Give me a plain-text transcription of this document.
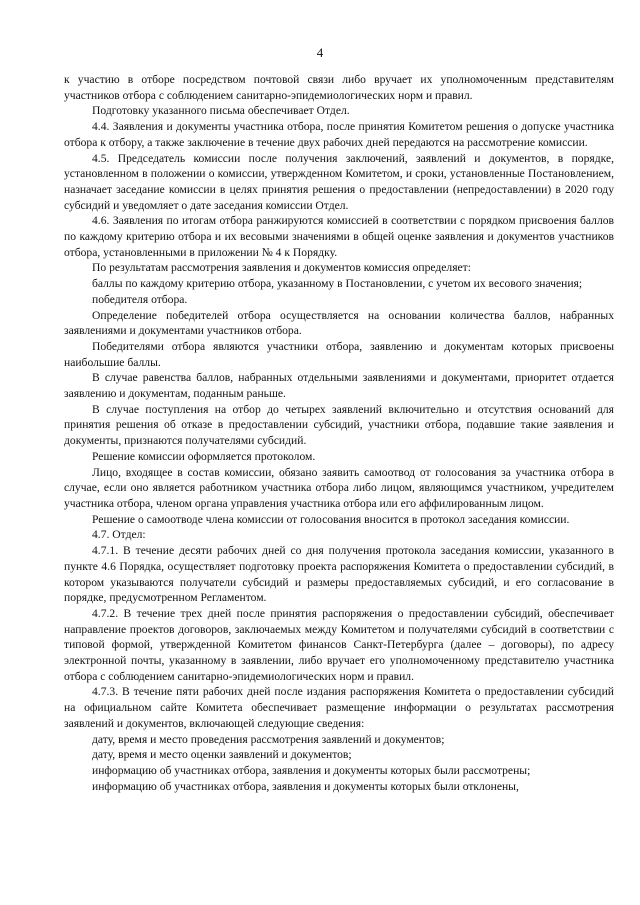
4

к участию в отборе посредством почтовой связи либо вручает их уполномоченным представителям участников отбора с соблюдением санитарно-эпидемиологических норм и правил.

Подготовку указанного письма обеспечивает Отдел.

4.4. Заявления и документы участника отбора, после принятия Комитетом решения о допуске участника отбора к отбору, а также заключение в течение двух рабочих дней передаются на рассмотрение комиссии.

4.5. Председатель комиссии после получения заключений, заявлений и документов, в порядке, установленном в положении о комиссии, утвержденном Комитетом, и сроки, установленные Постановлением, назначает заседание комиссии в целях принятия решения о предоставлении (непредоставлении) в 2020 году субсидий и уведомляет о дате заседания комиссии Отдел.

4.6. Заявления по итогам отбора ранжируются комиссией в соответствии с порядком присвоения баллов по каждому критерию отбора и их весовыми значениями в общей оценке заявления и документов участников отбора, установленными в приложении № 4 к Порядку.

По результатам рассмотрения заявления и документов комиссия определяет:

баллы по каждому критерию отбора, указанному в Постановлении, с учетом их весового значения;

победителя отбора.

Определение победителей отбора осуществляется на основании количества баллов, набранных заявлениями и документами участников отбора.

Победителями отбора являются участники отбора, заявлению и документам которых присвоены наибольшие баллы.

В случае равенства баллов, набранных отдельными заявлениями и документами, приоритет отдается заявлению и документам, поданным раньше.

В случае поступления на отбор до четырех заявлений включительно и отсутствия оснований для принятия решения об отказе в предоставлении субсидий, участники отбора, подавшие такие заявления и документы, признаются получателями субсидий.

Решение комиссии оформляется протоколом.

Лицо, входящее в состав комиссии, обязано заявить самоотвод от голосования за участника отбора в случае, если оно является работником участника отбора либо лицом, являющимся участником, учредителем участника отбора, членом органа управления участника отбора или его аффилированным лицом.

Решение о самоотводе члена комиссии от голосования вносится в протокол заседания комиссии.

4.7. Отдел:

4.7.1. В течение десяти рабочих дней со дня получения протокола заседания комиссии, указанного в пункте 4.6 Порядка, осуществляет подготовку проекта распоряжения Комитета о предоставлении субсидий, в котором указываются получатели субсидий и размеры предоставляемых субсидий, и его согласование в порядке, предусмотренном Регламентом.

4.7.2. В течение трех дней после принятия распоряжения о предоставлении субсидий, обеспечивает направление проектов договоров, заключаемых между Комитетом и получателями субсидий в соответствии с типовой формой, утвержденной Комитетом финансов Санкт-Петербурга (далее – договоры), по адресу электронной почты, указанному в заявлении, либо вручает его уполномоченному представителю участника отбора с соблюдением санитарно-эпидемиологических норм и правил.

4.7.3. В течение пяти рабочих дней после издания распоряжения Комитета о предоставлении субсидий на официальном сайте Комитета обеспечивает размещение информации о результатах рассмотрения заявлений и документов, включающей следующие сведения:

дату, время и место проведения рассмотрения заявлений и документов;

дату, время и место оценки заявлений и документов;

информацию об участниках отбора, заявления и документы которых были рассмотрены;

информацию об участниках отбора, заявления и документы которых были отклонены,
